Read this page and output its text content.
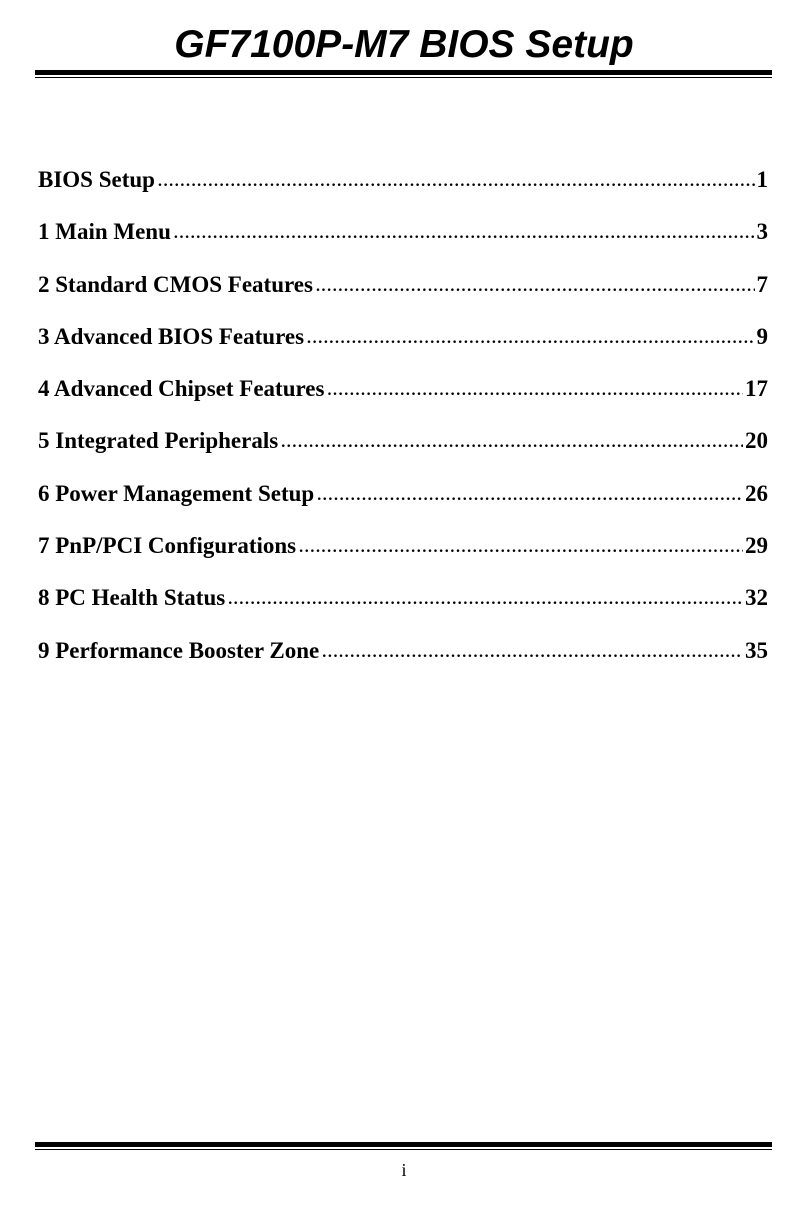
GF7100P-M7 BIOS Setup
BIOS Setup .....	1
1 Main Menu .....	3
2 Standard CMOS Features .....	7
3 Advanced BIOS Features .....	9
4 Advanced Chipset Features .....	17
5 Integrated Peripherals .....	20
6 Power Management Setup .....	26
7 PnP/PCI Configurations .....	29
8 PC Health Status .....	32
9 Performance Booster Zone .....	35
i
